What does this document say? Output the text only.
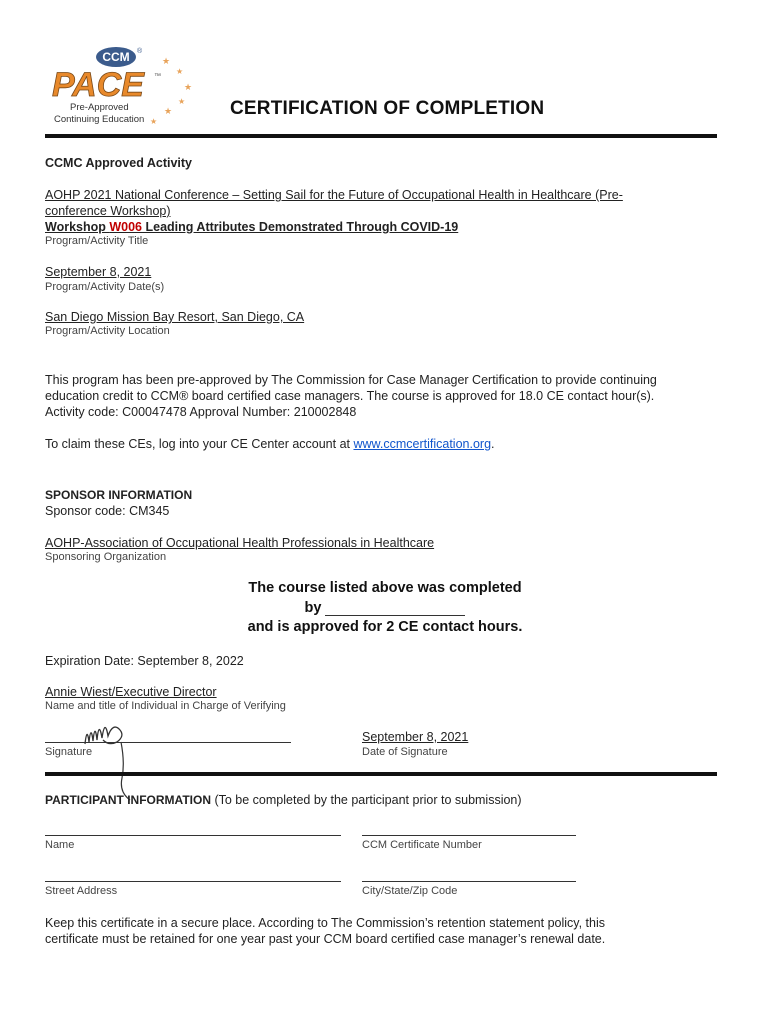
CCM ®
PACE ™
Pre-Approved
Continuing Education
★
★
★
★
★
★
CERTIFICATION OF COMPLETION
CCMC Approved Activity

AOHP 2021 National Conference – Setting Sail for the Future of Occupational Health in Healthcare (Pre-

conference Workshop)

Workshop W006 Leading Attributes Demonstrated Through COVID-19

Program/Activity Title
September 8, 2021
Program/Activity Date(s)
San Diego Mission Bay Resort, San Diego, CA
Program/Activity Location

This program has been pre-approved by The Commission for Case Manager Certification to provide continuing

education credit to CCM® board certified case managers. The course is approved for 18.0 CE contact hour(s).

Activity code: C00047478 Approval Number: 210002848

To claim these CEs, log into your CE Center account at www.ccmcertification.org.
SPONSOR INFORMATION
Sponsor code: CM345
AOHP-Association of Occupational Health Professionals in Healthcare
Sponsoring Organization
The course listed above was completed
by
and is approved for 2 CE contact hours.
Expiration Date: September 8, 2022
Annie Wiest/Executive Director
Name and title of Individual in Charge of Verifying
Signature
September 8, 2021
Date of Signature
PARTICIPANT INFORMATION (To be completed by the participant prior to submission)
Name	CCM Certificate Number
Street Address	City/State/Zip Code

Keep this certificate in a secure place. According to The Commission’s retention statement policy, this

certificate must be retained for one year past your CCM board certified case manager’s renewal date.
